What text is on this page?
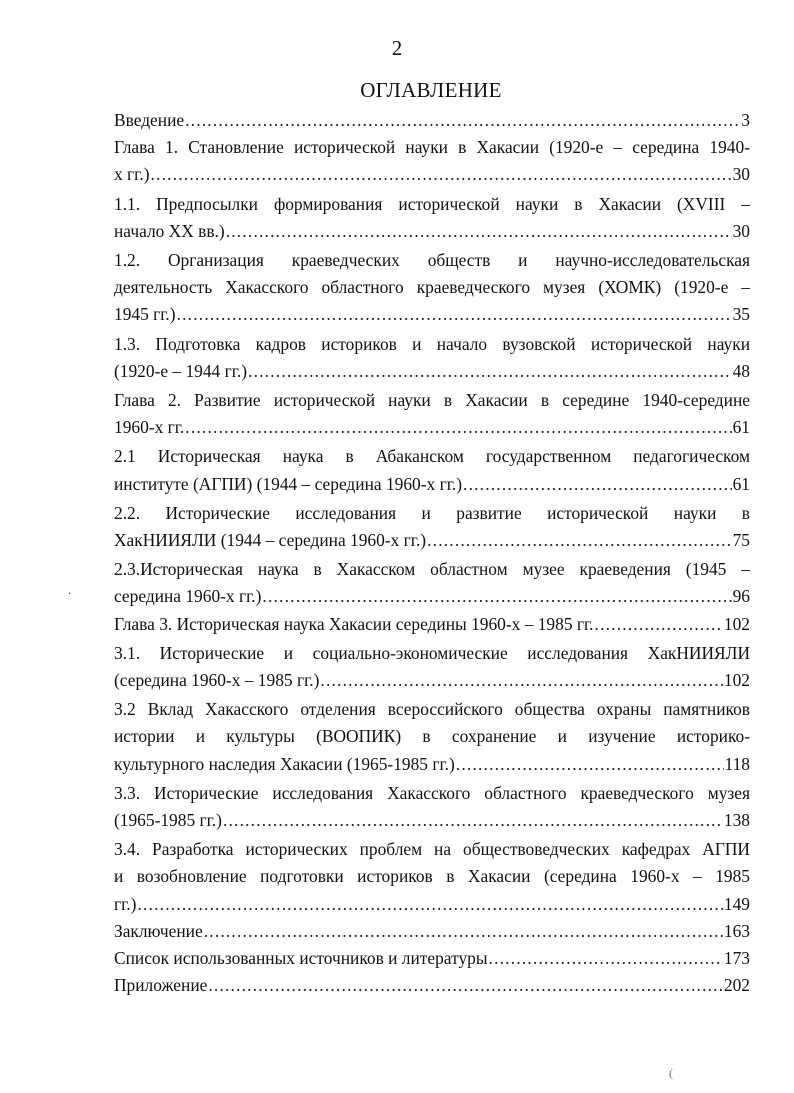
2
ОГЛАВЛЕНИЕ
Введение .....	3
Глава 1. Становление исторической науки в Хакасии (1920-е – середина 1940-
х гг.) .....	30
1.1. Предпосылки формирования исторической науки в Хакасии (XVIII –
начало XX вв.) .....	30
1.2. Организация краеведческих обществ и научно-исследовательская
деятельность Хакасского областного краеведческого музея (ХОМК) (1920-е –
1945 гг.) .....	35
1.3. Подготовка кадров историков и начало вузовской исторической науки
(1920-е – 1944 гг.) .....	48
Глава 2. Развитие исторической науки в Хакасии в середине 1940-середине
1960-х гг. .....	61
2.1 Историческая наука в Абаканском государственном педагогическом
институте (АГПИ) (1944 – середина 1960-х гг.) .....	61
2.2. Исторические исследования и развитие исторической науки в
ХакНИИЯЛИ (1944 – середина 1960-х гг.) .....	75
2.3.Историческая наука в Хакасском областном музее краеведения (1945 –
середина 1960-х гг.) .....	96
Глава 3. Историческая наука Хакасии середины 1960-х – 1985 гг. .....	102
3.1. Исторические и социально-экономические исследования ХакНИИЯЛИ
(середина 1960-х – 1985 гг.) .....	102
3.2 Вклад Хакасского отделения всероссийского общества охраны памятников
истории и культуры (ВООПИК) в сохранение и изучение историко-
культурного наследия Хакасии (1965-1985 гг.) .....	118
3.3. Исторические исследования Хакасского областного краеведческого музея
(1965-1985 гг.) .....	138
3.4. Разработка исторических проблем на обществоведческих кафедрах АГПИ
и возобновление подготовки историков в Хакасии (середина 1960-х – 1985
гг.) .....	149
Заключение .....	163
Список использованных источников и литературы .....	173
Приложение .....	202
.
(
